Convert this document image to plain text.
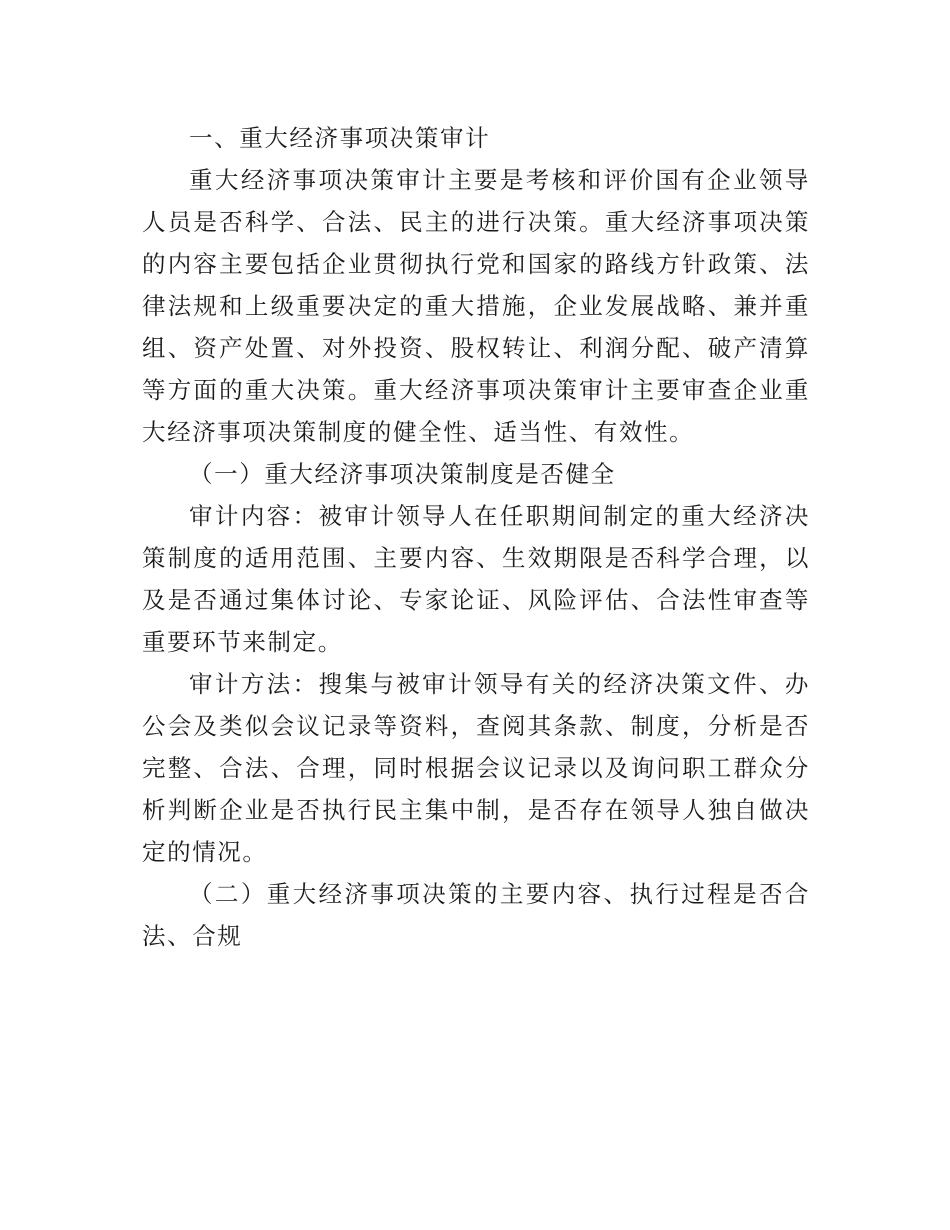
一、重大经济事项决策审计

重大经济事项决策审计主要是考核和评价国有企业领导人员是否科学、合法、民主的进行决策。重大经济事项决策的内容主要包括企业贯彻执行党和国家的路线方针政策、法律法规和上级重要决定的重大措施，企业发展战略、兼并重组、资产处置、对外投资、股权转让、利润分配、破产清算等方面的重大决策。重大经济事项决策审计主要审查企业重大经济事项决策制度的健全性、适当性、有效性。

（一）重大经济事项决策制度是否健全

审计内容：被审计领导人在任职期间制定的重大经济决策制度的适用范围、主要内容、生效期限是否科学合理，以及是否通过集体讨论、专家论证、风险评估、合法性审查等重要环节来制定。

审计方法：搜集与被审计领导有关的经济决策文件、办公会及类似会议记录等资料，查阅其条款、制度，分析是否完整、合法、合理，同时根据会议记录以及询问职工群众分析判断企业是否执行民主集中制，是否存在领导人独自做决定的情况。

（二）重大经济事项决策的主要内容、执行过程是否合法、合规
